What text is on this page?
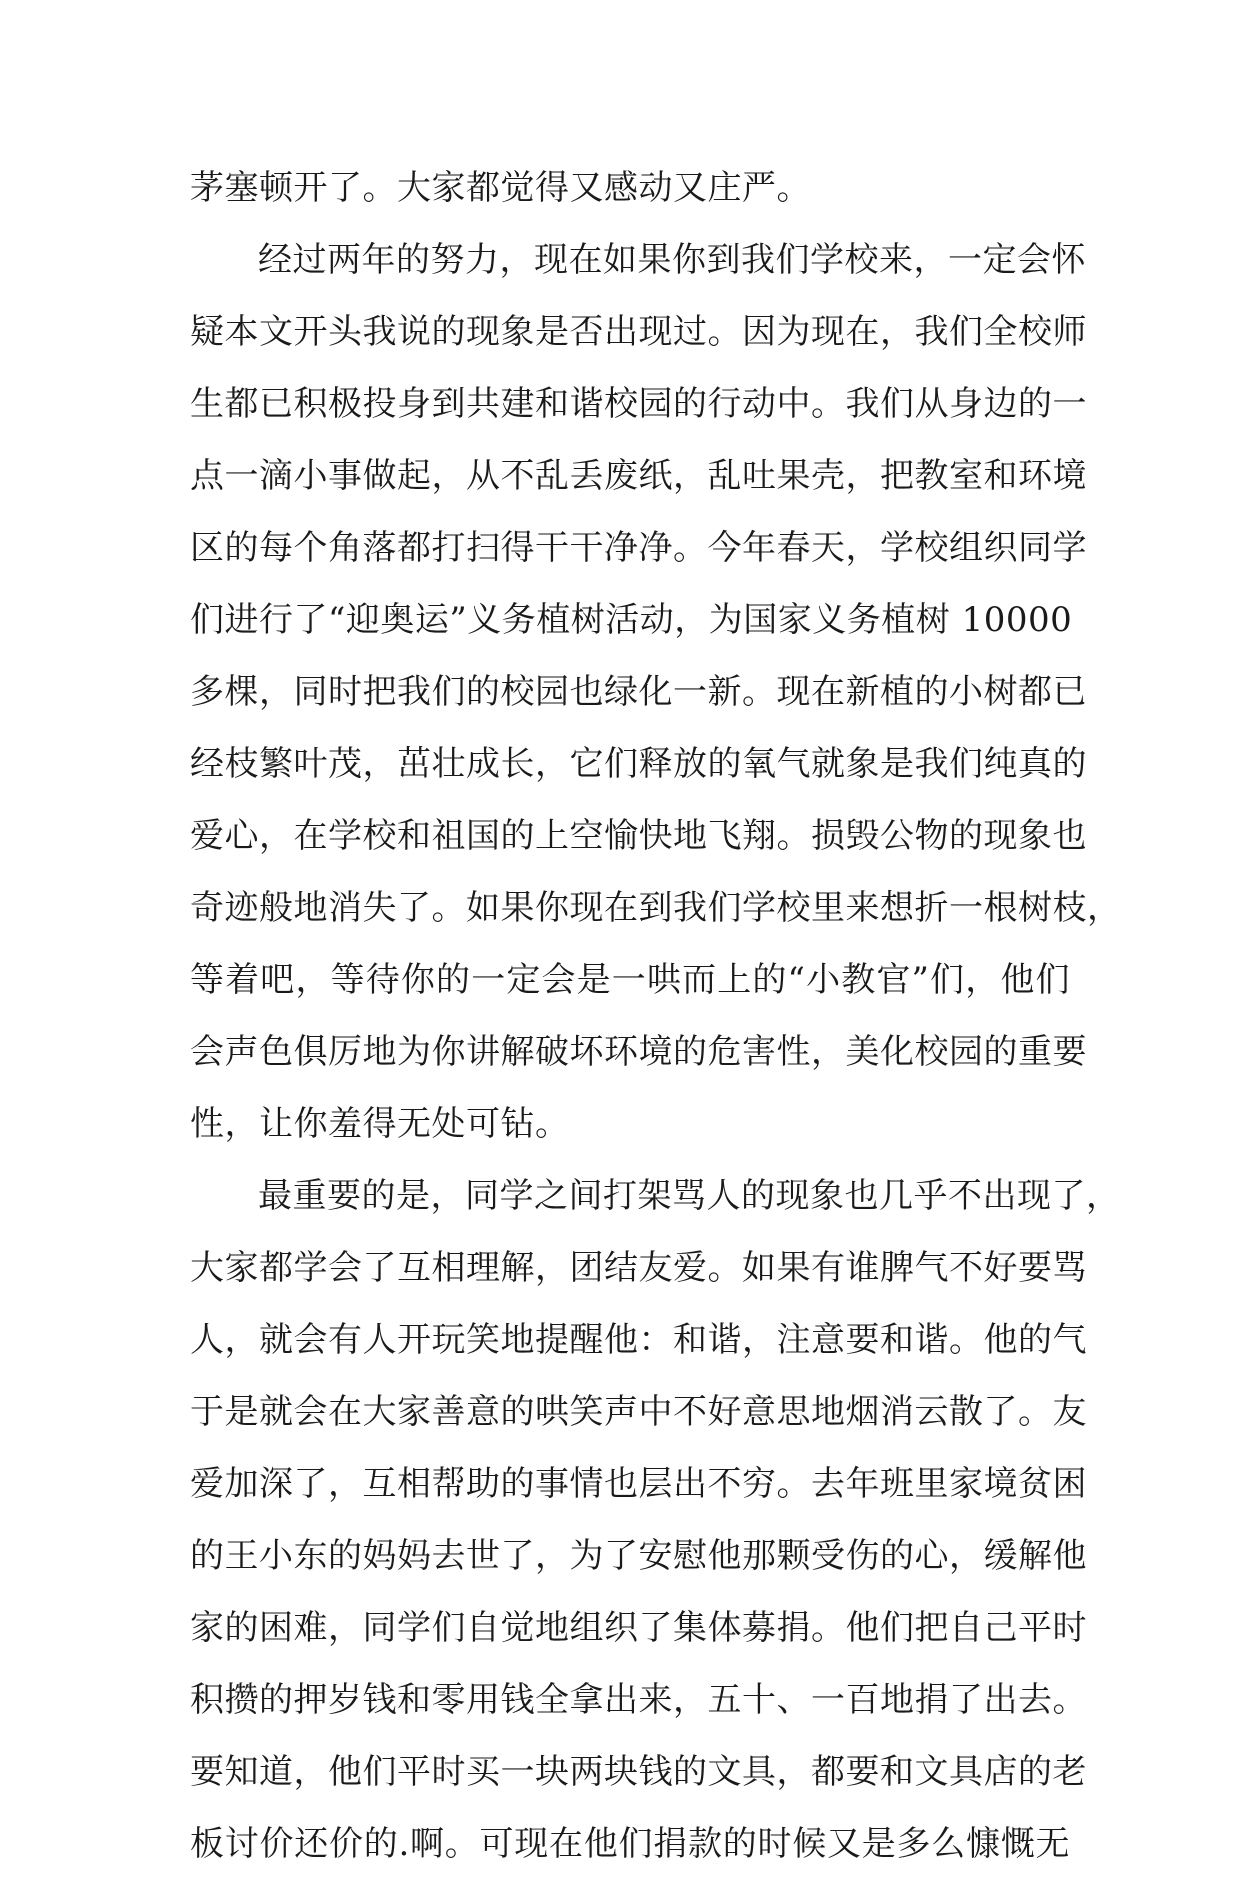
茅塞顿开了。大家都觉得又感动又庄严。
经过两年的努力，现在如果你到我们学校来，一定会怀
疑本文开头我说的现象是否出现过。因为现在，我们全校师
生都已积极投身到共建和谐校园的行动中。我们从身边的一
点一滴小事做起，从不乱丢废纸，乱吐果壳，把教室和环境
区的每个角落都打扫得干干净净。今年春天，学校组织同学
们进行了“迎奥运”义务植树活动，为国家义务植树 10000
多棵，同时把我们的校园也绿化一新。现在新植的小树都已
经枝繁叶茂，茁壮成长，它们释放的氧气就象是我们纯真的
爱心，在学校和祖国的上空愉快地飞翔。损毁公物的现象也
奇迹般地消失了。如果你现在到我们学校里来想折一根树枝，
等着吧，等待你的一定会是一哄而上的“小教官”们，他们
会声色俱厉地为你讲解破坏环境的危害性，美化校园的重要
性，让你羞得无处可钻。
最重要的是，同学之间打架骂人的现象也几乎不出现了，
大家都学会了互相理解，团结友爱。如果有谁脾气不好要骂
人，就会有人开玩笑地提醒他：和谐，注意要和谐。他的气
于是就会在大家善意的哄笑声中不好意思地烟消云散了。友
爱加深了，互相帮助的事情也层出不穷。去年班里家境贫困
的王小东的妈妈去世了，为了安慰他那颗受伤的心，缓解他
家的困难，同学们自觉地组织了集体募捐。他们把自己平时
积攒的押岁钱和零用钱全拿出来，五十、一百地捐了出去。
要知道，他们平时买一块两块钱的文具，都要和文具店的老
板讨价还价的.啊。可现在他们捐款的时候又是多么慷慨无
